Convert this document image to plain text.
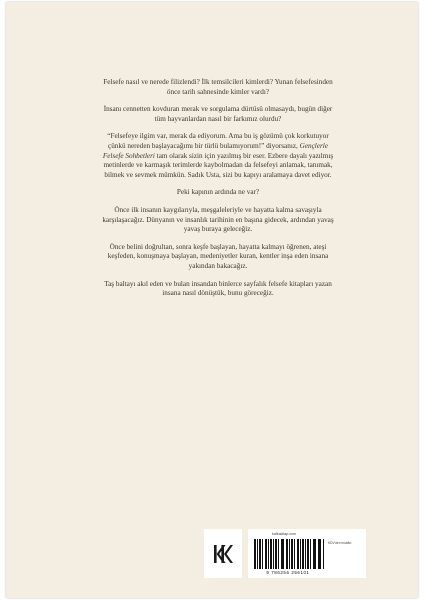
Felsefe nasıl ve nerede filizlendi? İlk temsilcileri kimlerdi? Yunan felsefesinden önce tarih sahnesinde kimler vardı?

İnsanı cennetten kovduran merak ve sorgulama dürtüsü olmasaydı, bugün diğer tüm hayvanlardan nasıl bir farkımız olurdu?

“Felsefeye ilgim var, merak da ediyorum. Ama bu iş gözümü çok korkutuyor çünkü nereden başlayacağımı bir türlü bulamıyorum!” diyorsanız, Gençlerle Felsefe Sohbetleri tam olarak sizin için yazılmış bir eser. Ezbere dayalı yazılmış metinlerde ve karmaşık terimlerde kaybolmadan da felsefeyi anlamak, tanımak, bilmek ve sevmek mümkün. Sadık Usta, sizi bu kapıyı aralamaya davet ediyor.

Peki kapının ardında ne var?

Önce ilk insanın kaygılarıyla, meşgaleleriyle ve hayatta kalma savaşıyla karşılaşacağız. Dünyanın ve insanlık tarihinin en başına gidecek, ardından yavaş yavaş buraya geleceğiz.

Önce belini doğrultan, sonra keşfe başlayan, hayatta kalmayı öğrenen, ateşi keşfeden, konuşmaya başlayan, medeniyetler kuran, kentler inşa eden insana yakından bakacağız.

Taş baltayı akıl eden ve bulan insandan binlerce sayfalık felsefe kitapları yazan insana nasıl dönüştük, bunu göreceğiz.

kafkakitap.com
KDV'den muaftır.
9 786256 256101
